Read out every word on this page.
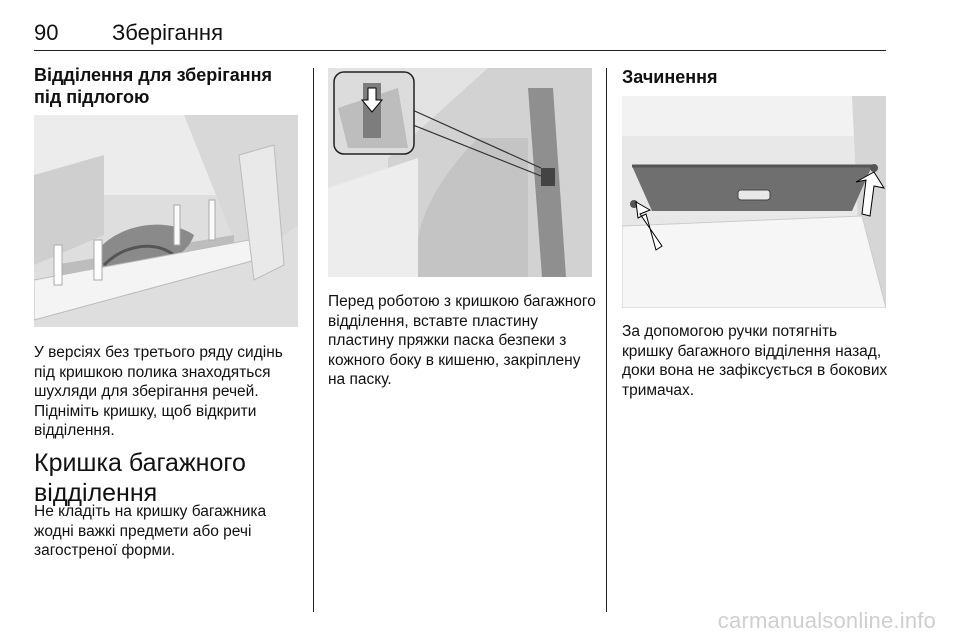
90 Зберігання
Відділення для зберігання під підлогою
У версіях без третього ряду сидінь під кришкою полика знаходяться шухляди для зберігання речей. Підніміть кришку, щоб відкрити відділення.
Кришка багажного відділення
Не кладіть на кришку багажника жодні важкі предмети або речі загостреної форми.
Перед роботою з кришкою багажного відділення, вставте пластину пластину пряжки паска безпеки з кожного боку в кишеню, закріплену на паску.
Зачинення
За допомогою ручки потягніть кришку багажного відділення назад, доки вона не зафіксується в бокових тримачах.
carmanualsonline.info
